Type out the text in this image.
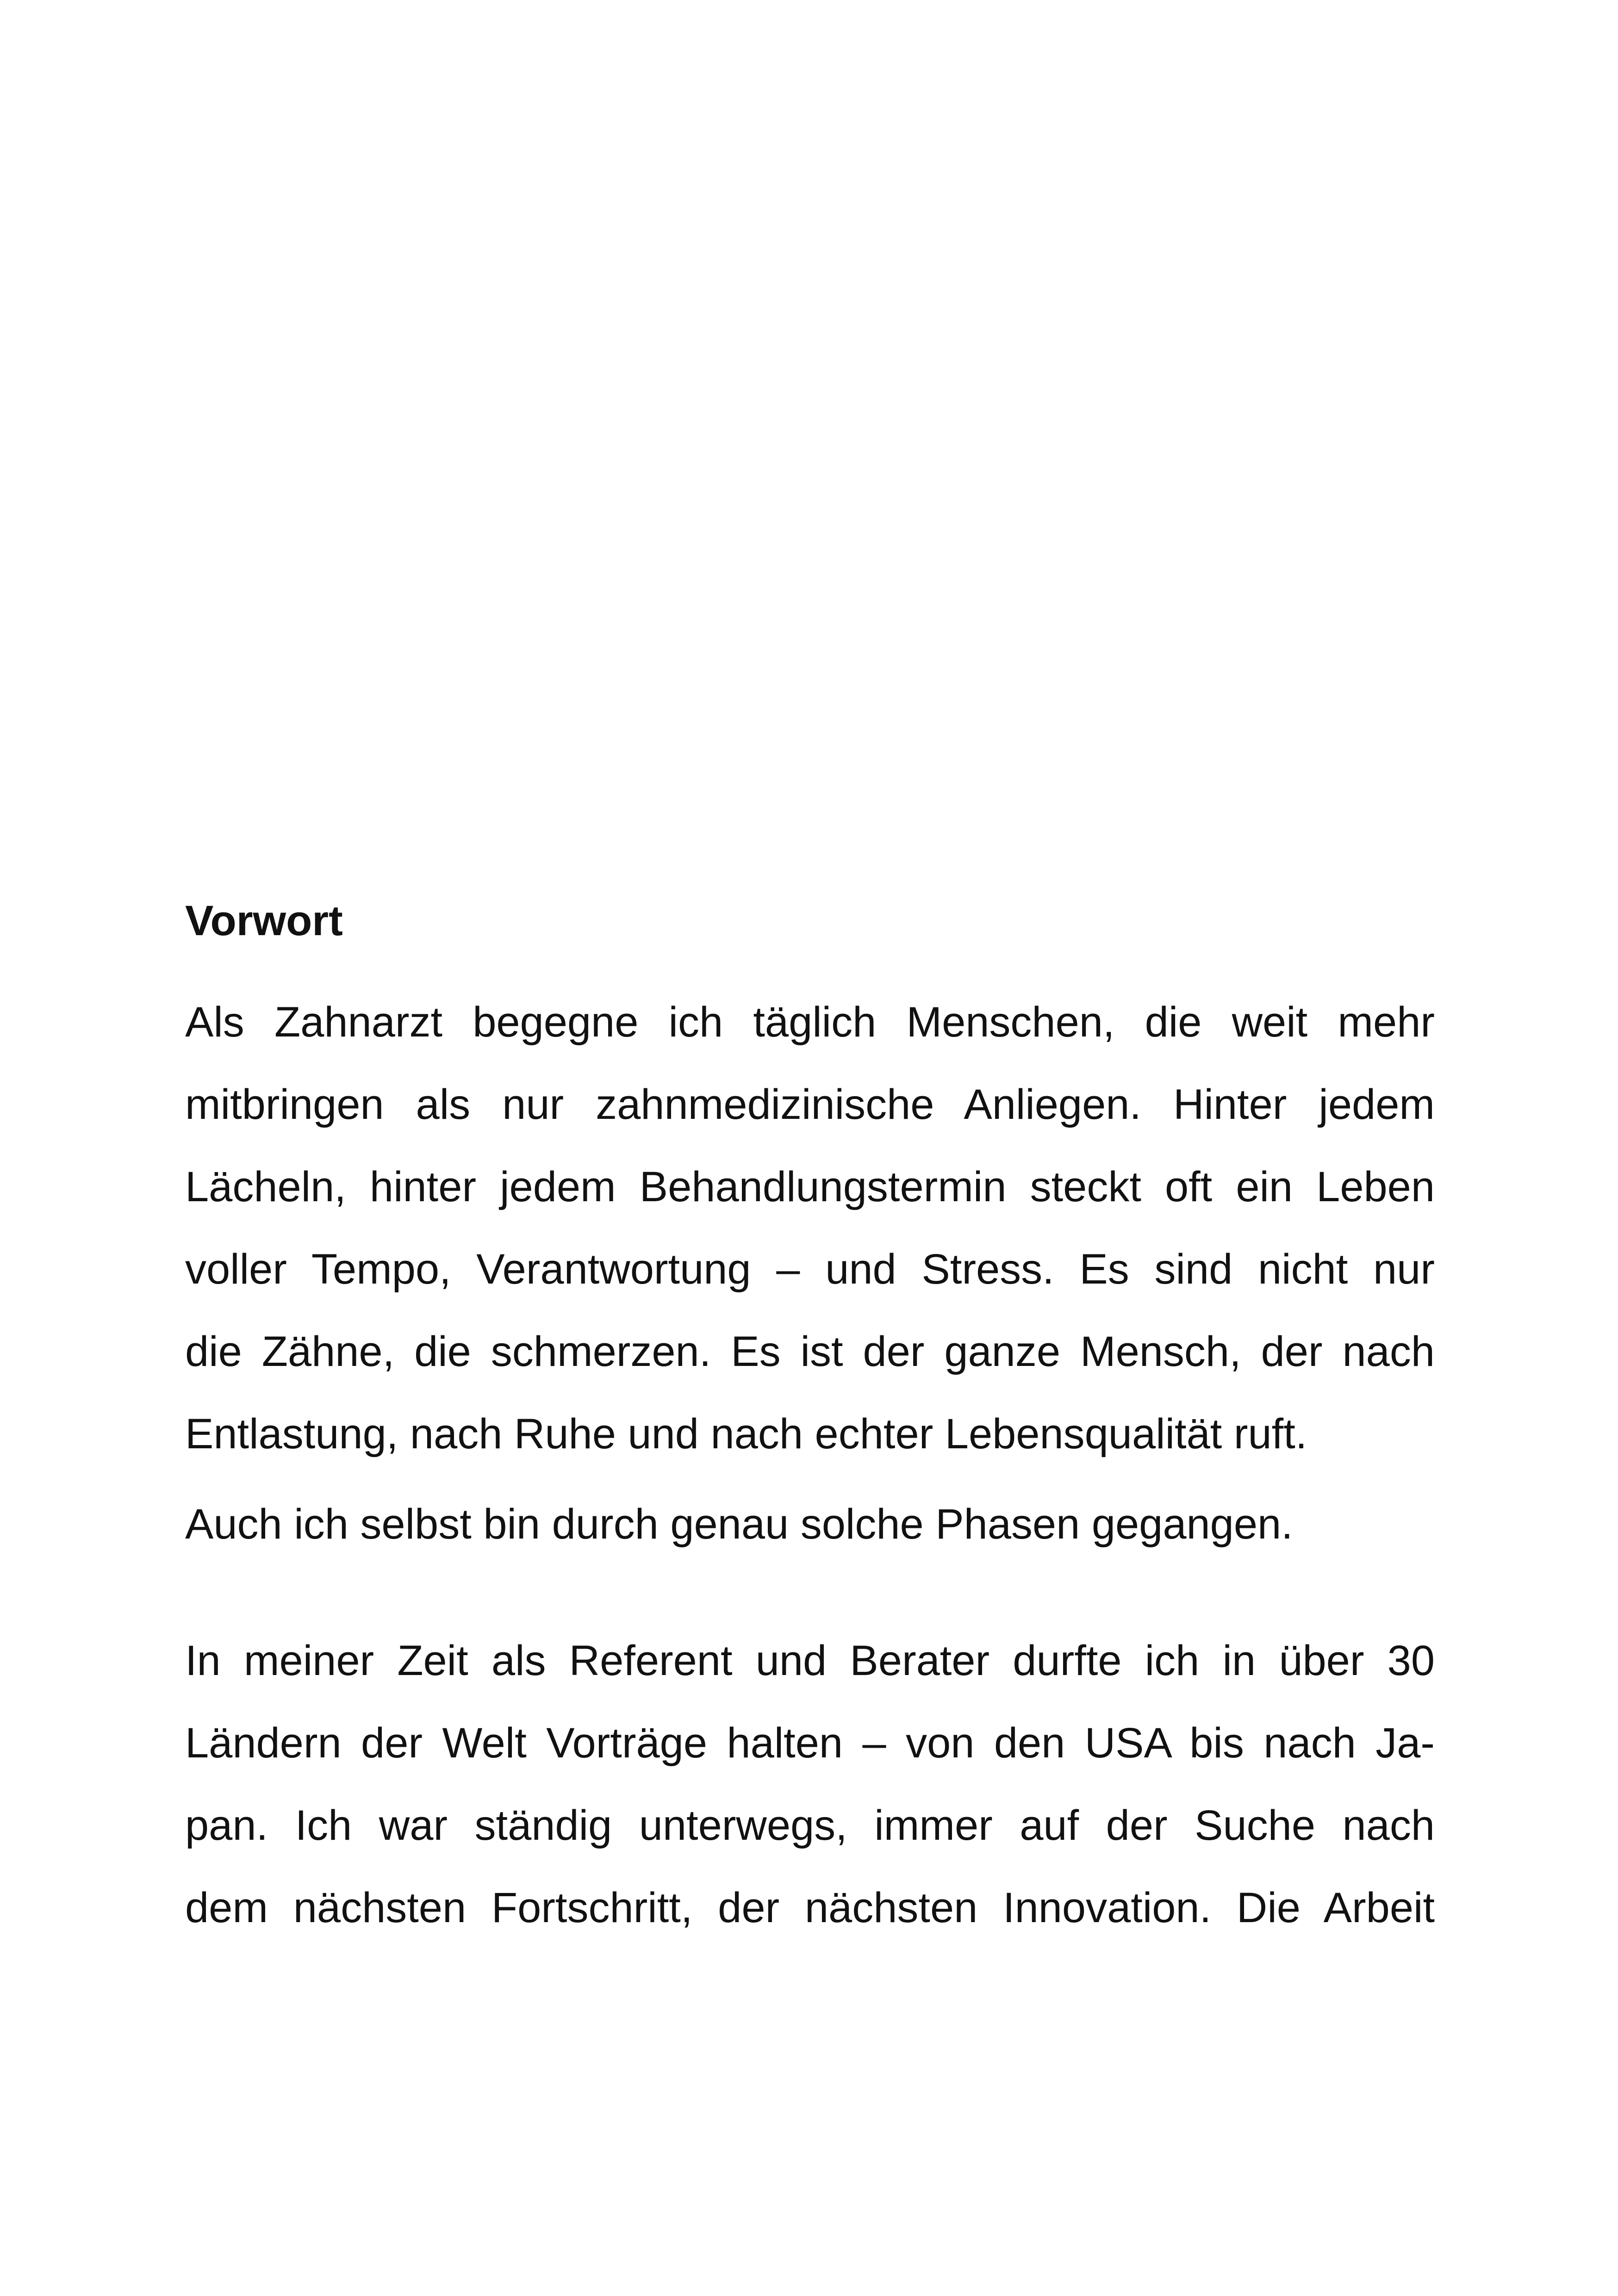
Vorwort
Als Zahnarzt begegne ich täglich Menschen, die weit mehr
mitbringen als nur zahnmedizinische Anliegen. Hinter jedem
Lächeln, hinter jedem Behandlungstermin steckt oft ein Leben
voller Tempo, Verantwortung – und Stress. Es sind nicht nur
die Zähne, die schmerzen. Es ist der ganze Mensch, der nach
Entlastung, nach Ruhe und nach echter Lebensqualität ruft.
Auch ich selbst bin durch genau solche Phasen gegangen.
In meiner Zeit als Referent und Berater durfte ich in über 30
Ländern der Welt Vorträge halten – von den USA bis nach Ja-
pan. Ich war ständig unterwegs, immer auf der Suche nach
dem nächsten Fortschritt, der nächsten Innovation. Die Arbeit
